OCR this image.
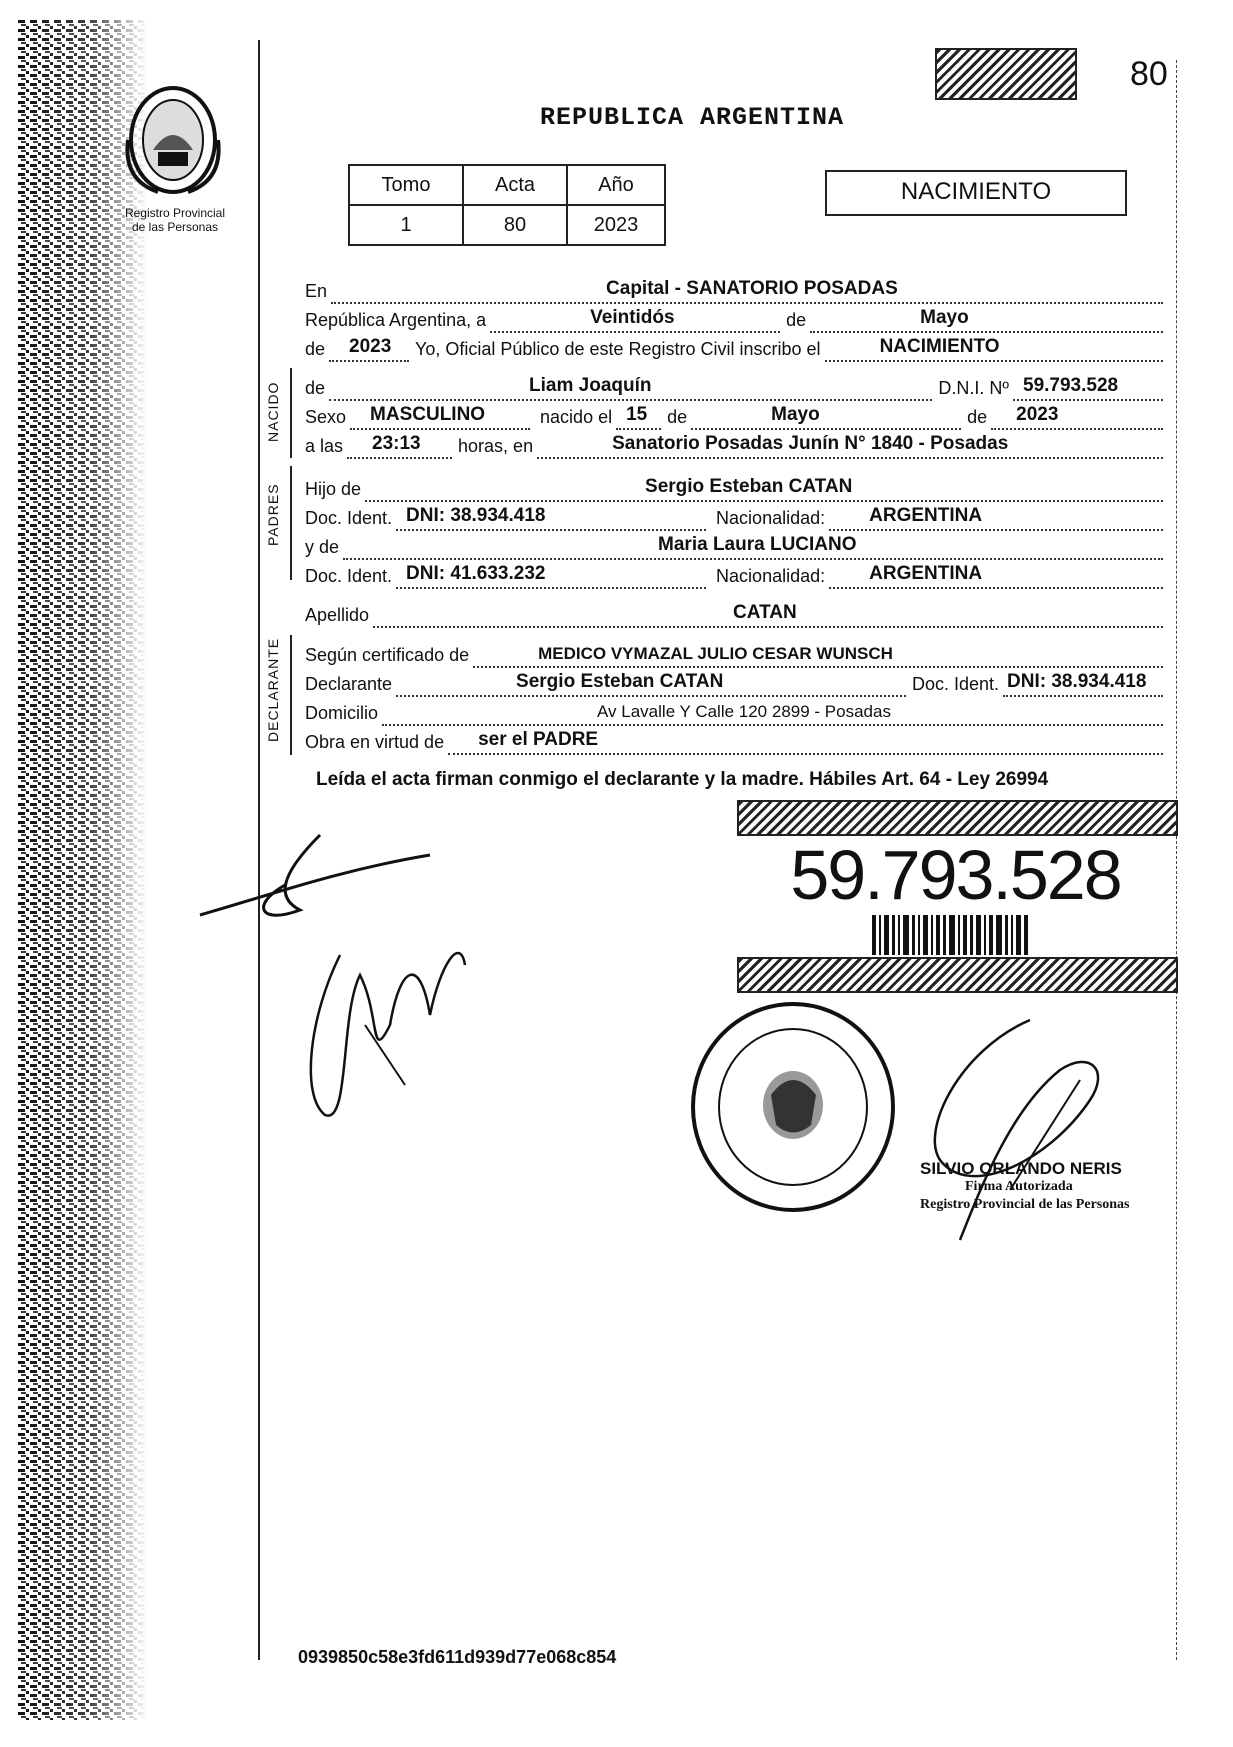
Registro Provincial
de las Personas
80
REPUBLICA ARGENTINA
Tomo	Acta	Año
1	80	2023
NACIMIENTO
En	Capital - SANATORIO POSADAS
República Argentina, a	Veintidós	de	Mayo
de 2023	Yo, Oficial Público de este Registro Civil inscribo el	NACIMIENTO
NACIDO de	Liam Joaquín	D.N.I. Nº 59.793.528
Sexo MASCULINO	nacido el 15	de	Mayo	de 2023
a las 23:13	horas, en	Sanatorio Posadas Junín N° 1840 - Posadas
PADRES Hijo de	Sergio Esteban CATAN
Doc. Ident. DNI: 38.934.418	Nacionalidad: ARGENTINA
y de	Maria Laura LUCIANO
Doc. Ident. DNI: 41.633.232	Nacionalidad: ARGENTINA
Apellido	CATAN
DECLARANTE Según certificado de	MEDICO VYMAZAL JULIO CESAR WUNSCH
Declarante	Sergio Esteban CATAN	Doc. Ident. DNI: 38.934.418
Domicilio	Av Lavalle Y Calle 120 2899 - Posadas
Obra en virtud de ser el PADRE
Leída el acta firman conmigo el declarante y la madre. Hábiles Art. 64 - Ley 26994
59.793.528
SILVIO ORLANDO NERIS
Firma Autorizada
Registro Provincial de las Personas
0939850c58e3fd611d939d77e068c854
